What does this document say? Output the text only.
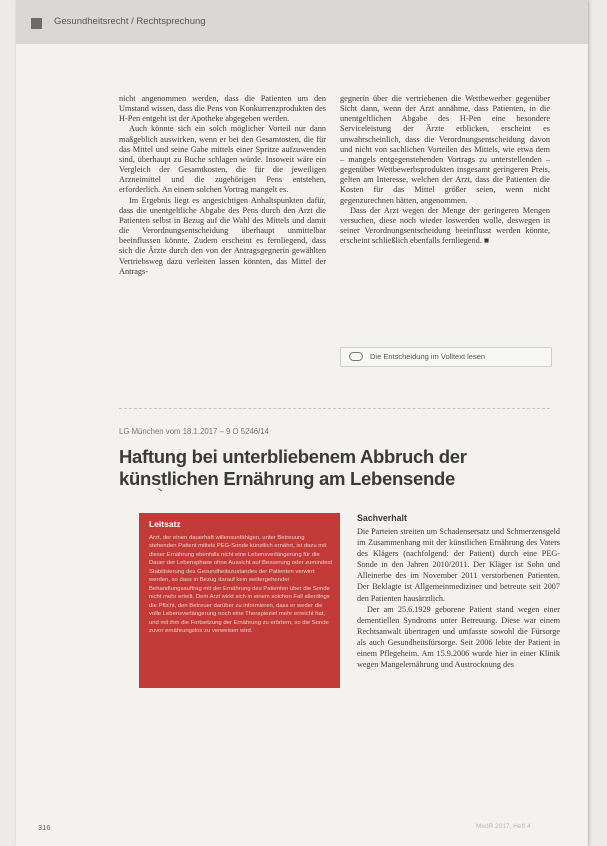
Gesundheitsrecht / Rechtsprechung

nicht angenommen werden, dass die Patienten um den Umstand wissen, dass die Pens von Konkurrenzprodukten des H-Pen entgeht ist der Apotheke abgegeben werden.

Auch könnte sich ein solch möglicher Vorteil nur dann maßgeblich auswirken, wenn er bei den Gesamtosten, die für das Mittel und seine Gabe mittels einer Spritze aufzuwenden sind, überhaupt zu Buche schlagen würde. Insoweit wäre ein Vergleich der Gesamtkosten, die für die jeweiligen Arzneimittel und die zugehörigen Pens entstehen, erforderlich. An einem solchen Vortrag mangelt es.

Im Ergebnis liegt es angesichtigen Anhaltspunkten dafür, dass die unentgeltliche Abgabe des Pens durch den Arzt die Patienten selbst in Bezug auf die Wahl des Mittels und damit die Verordnungsentscheidung überhaupt unmittelbar beeinflussen könnte. Zudem erscheint es fernliegend, dass sich die Ärzte durch den von der Antragsgegnerin gewählten Vertriebsweg dazu verleiten lassen könnten, das Mittel der Antrags-

gegnerin über die vertriebenen die Wettbewerber gegenüber Sicht dann, wenn der Arzt annähme, dass Patienten, in die unentgeltlichen Abgabe des H-Pen eine besondere Serviceleistung der Ärzte erblicken, erscheint es unwahrscheinlich, dass die Verordnungsentscheidung davon und nicht von sachlichen Vorteilen des Mittels, wie etwa dem – mangels entgegenstehenden Vortrags zu unterstellenden – gegenüber Wettbewerbsprodukten insgesamt geringeren Preis, gelten am Interesse, welchen der Arzt, dass die Patienten die Kosten für das Mittel größer seien, wenn nicht gegenzurechnen hätten, angenommen.

Dass der Arzt wegen der Menge der geringeren Mengen versuchen, diese noch wieder loswerden wolle, deswegen in seiner Verordnungsentscheidung beeinflusst werden könnte, erscheint schließlich ebenfalls fernliegend. ■

Die Entscheidung im Volltext lesen
LG München vom 18.1.2017 – 9 O 5246/14
Haftung bei unterbliebenem Abbruch der künstlichen Ernährung am Lebensende
Leitsatz
Arzt, der einen dauerhaft willensunfähigen, unter Betreuung stehenden Patient mittels PEG-Sonde künstlich ernährt, ist dazu mit dieser Ernährung ebenfalls nicht eine Lebensverlängerung für die Dauer der Lebensphase ohne Aussicht auf Besserung oder zumindest Stabilisierung des Gesundheitszustandes der Patienten verwirrt werden, so dass in Bezug darauf kein weitergehender Behandlungsauftrag mit der Ernährung des Patienten über die Sonde nicht mehr erteilt. Dem Arzt wirkt sich in einem solchen Fall allerdings die Pflicht, den Betreuer darüber zu informieren, dass er weder die volle Lebensverlängerung noch eine Therapieziel mehr erreicht hat, und mit ihm die Fortsetzung der Ernährung zu erörtern, so die Sonde zuvor ernährungslos zu verweisen wird.
Sachverhalt

Die Parteien streiten um Schadensersatz und Schmerzensgeld im Zusammenhang mit der künstlichen Ernährung des Vaters des Klägers (nachfolgend: der Patient) durch eine PEG-Sonde in den Jahren 2010/2011. Der Kläger ist Sohn und Alleinerbe des im November 2011 verstorbenen Patienten. Der Beklagte ist Allgemeinmediziner und betreute seit 2007 den Patienten hausärztlich.

Der am 25.6.1929 geborene Patient stand wegen einer dementiellen Syndroms unter Betreuung. Diese war einem Rechtsanwalt übertragen und umfasste sowohl die Fürsorge als auch Gesundheitsfürsorge. Seit 2006 lebte der Patient in einem Pflegeheim. Am 15.9.2006 wurde hier in einer Klinik wegen Mangelernährung und Austrocknung des

316	MedR 2017, Heft 4
